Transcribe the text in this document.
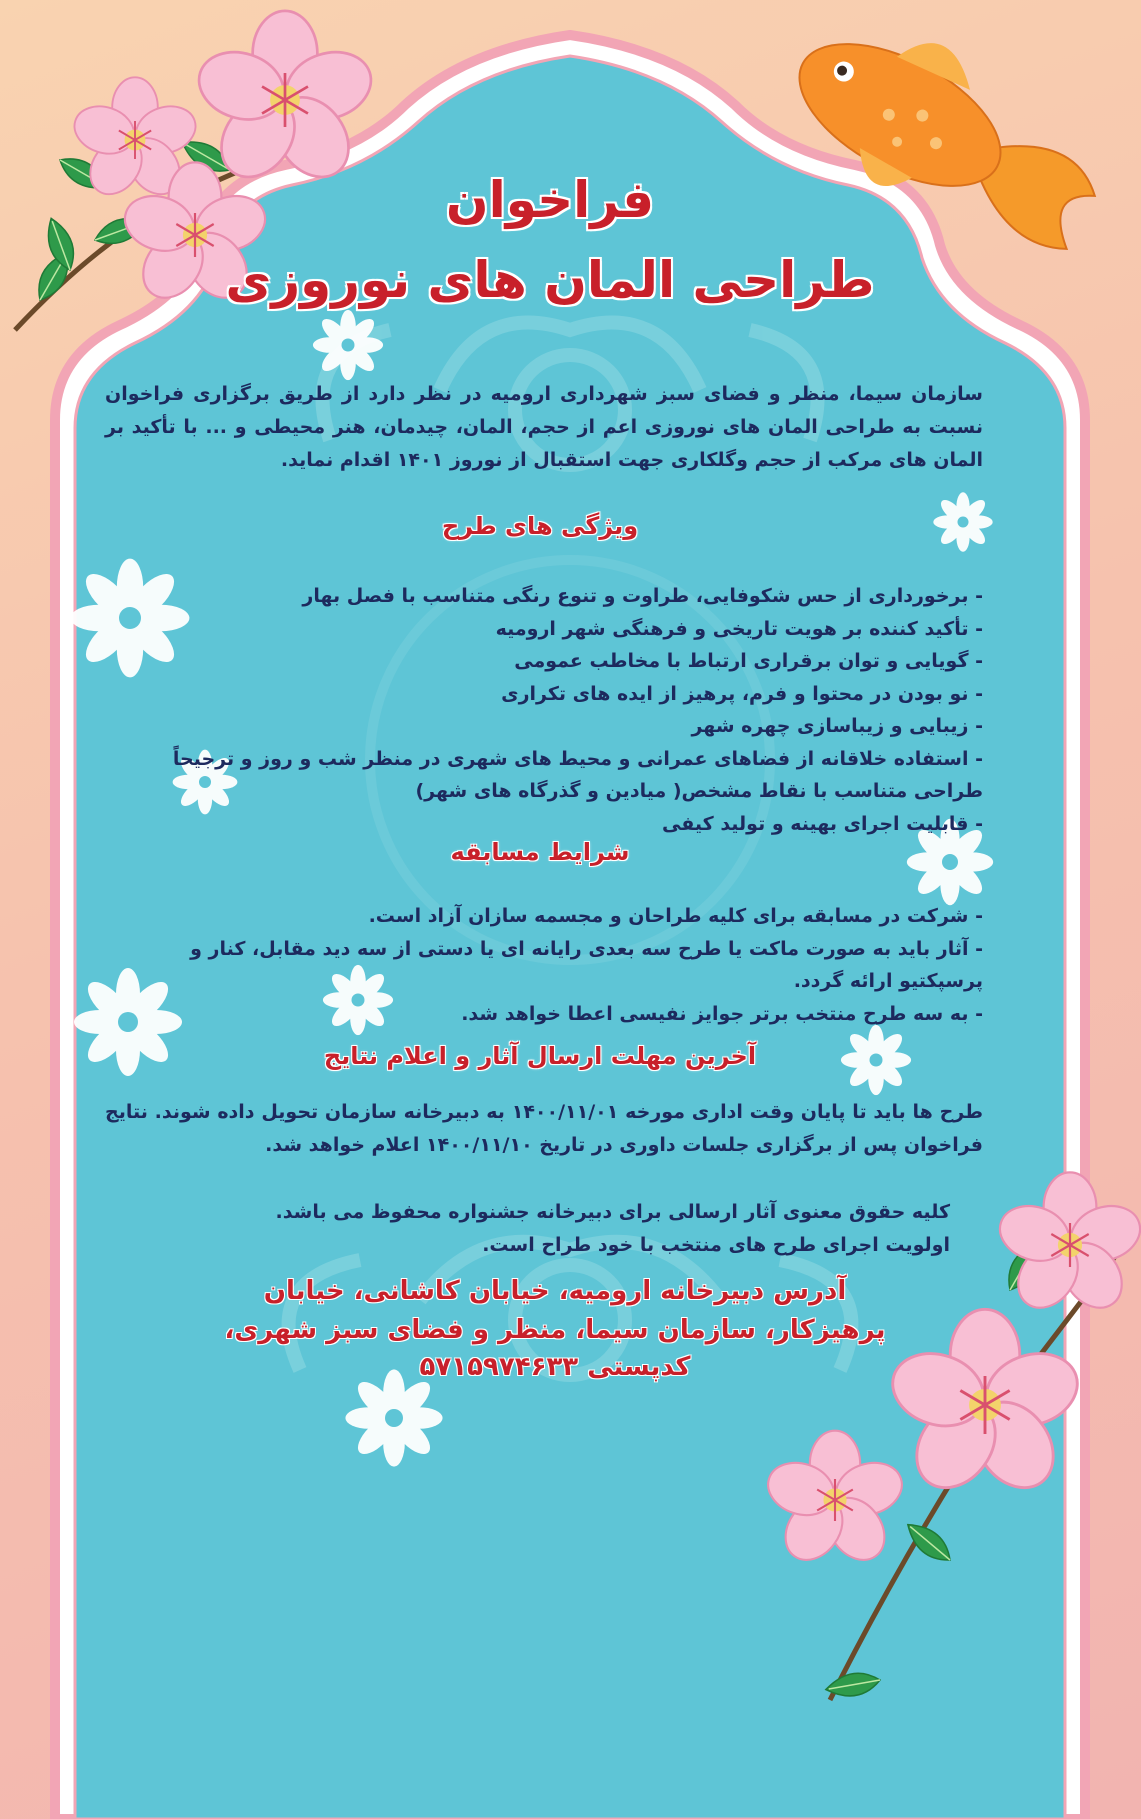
فراخوان
طراحی المان های نوروزی
سازمان سیما، منظر و فضای سبز شهرداری ارومیه در نظر دارد از طریق برگزاری فراخوان نسبت به طراحی المان های نوروزی اعم از حجم، المان، چیدمان، هنر محیطی و ... با تأکید بر المان های مرکب از حجم وگلکاری جهت استقبال از نوروز ۱۴۰۱ اقدام نماید.
ویژگی های طرح
- برخورداری از حس شکوفایی، طراوت و تنوع رنگی متناسب با فصل بهار
- تأکید کننده بر هویت تاریخی و فرهنگی شهر ارومیه
- گویایی و توان برقراری ارتباط با مخاطب عمومی
- نو بودن در محتوا و فرم، پرهیز از ایده های تکراری
- زیبایی و زیباسازی چهره شهر
- استفاده خلاقانه از فضاهای عمرانی و محیط های شهری در منظر شب و روز و ترجیحاً طراحی متناسب با نقاط مشخص( میادین و گذرگاه های شهر)
- قابلیت اجرای بهینه و تولید کیفی
شرایط مسابقه
- شرکت در مسابقه برای کلیه طراحان و مجسمه سازان آزاد است.
- آثار باید به صورت ماکت یا طرح سه بعدی رایانه ای یا دستی از سه دید مقابل، کنار و پرسپکتیو ارائه گردد.
- به سه طرح منتخب برتر جوایز نفیسی اعطا خواهد شد.
آخرین مهلت ارسال آثار و اعلام نتایج
طرح ها باید تا پایان وقت اداری مورخه ۱۴۰۰/۱۱/۰۱ به دبیرخانه سازمان تحویل داده شوند. نتایج فراخوان پس از برگزاری جلسات داوری در تاریخ ۱۴۰۰/۱۱/۱۰ اعلام خواهد شد.
کلیه حقوق معنوی آثار ارسالی برای دبیرخانه جشنواره محفوظ می باشد.
اولویت اجرای طرح های منتخب با خود طراح است.
آدرس دبیرخانه ارومیه، خیابان کاشانی، خیابان
پرهیزکار، سازمان سیما، منظر و فضای سبز شهری،
کدپستی ۵۷۱۵۹۷۴۶۳۳
